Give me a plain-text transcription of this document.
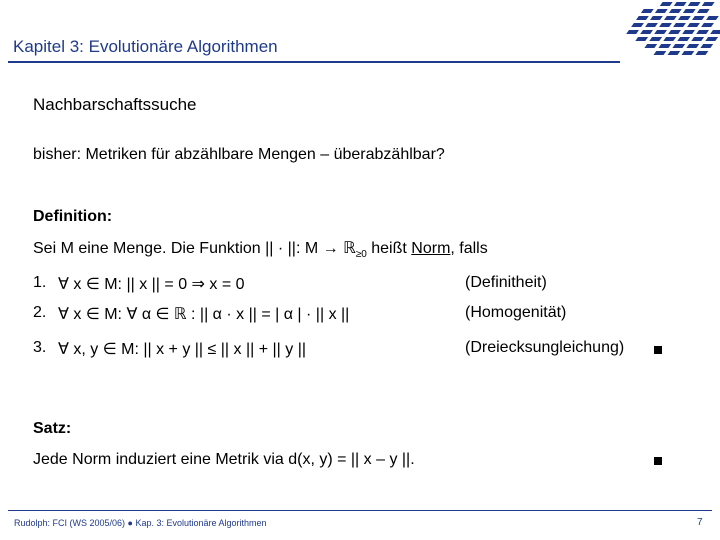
Kapitel 3: Evolutionäre Algorithmen
Nachbarschaftssuche
bisher: Metriken für abzählbare Mengen – überabzählbar?
Definition:
Sei M eine Menge. Die Funktion || · ||: M → ℝ$_{\ge 0}$ heißt Norm, falls
1. ∀ x ∈ M: || x || = 0 ⇒ x = 0	(Definitheit)
2. ∀ x ∈ M: ∀ α ∈ ℝ : || α · x || = | α | · || x ||	(Homogenität)
3. ∀ x, y ∈ M: || x + y || ≤ || x || + || y ||	(Dreiecksungleichung)
Satz:
Jede Norm induziert eine Metrik via d(x, y) = || x – y ||.
Rudolph: FCI (WS 2005/06) ● Kap. 3: Evolutionäre Algorithmen	7
